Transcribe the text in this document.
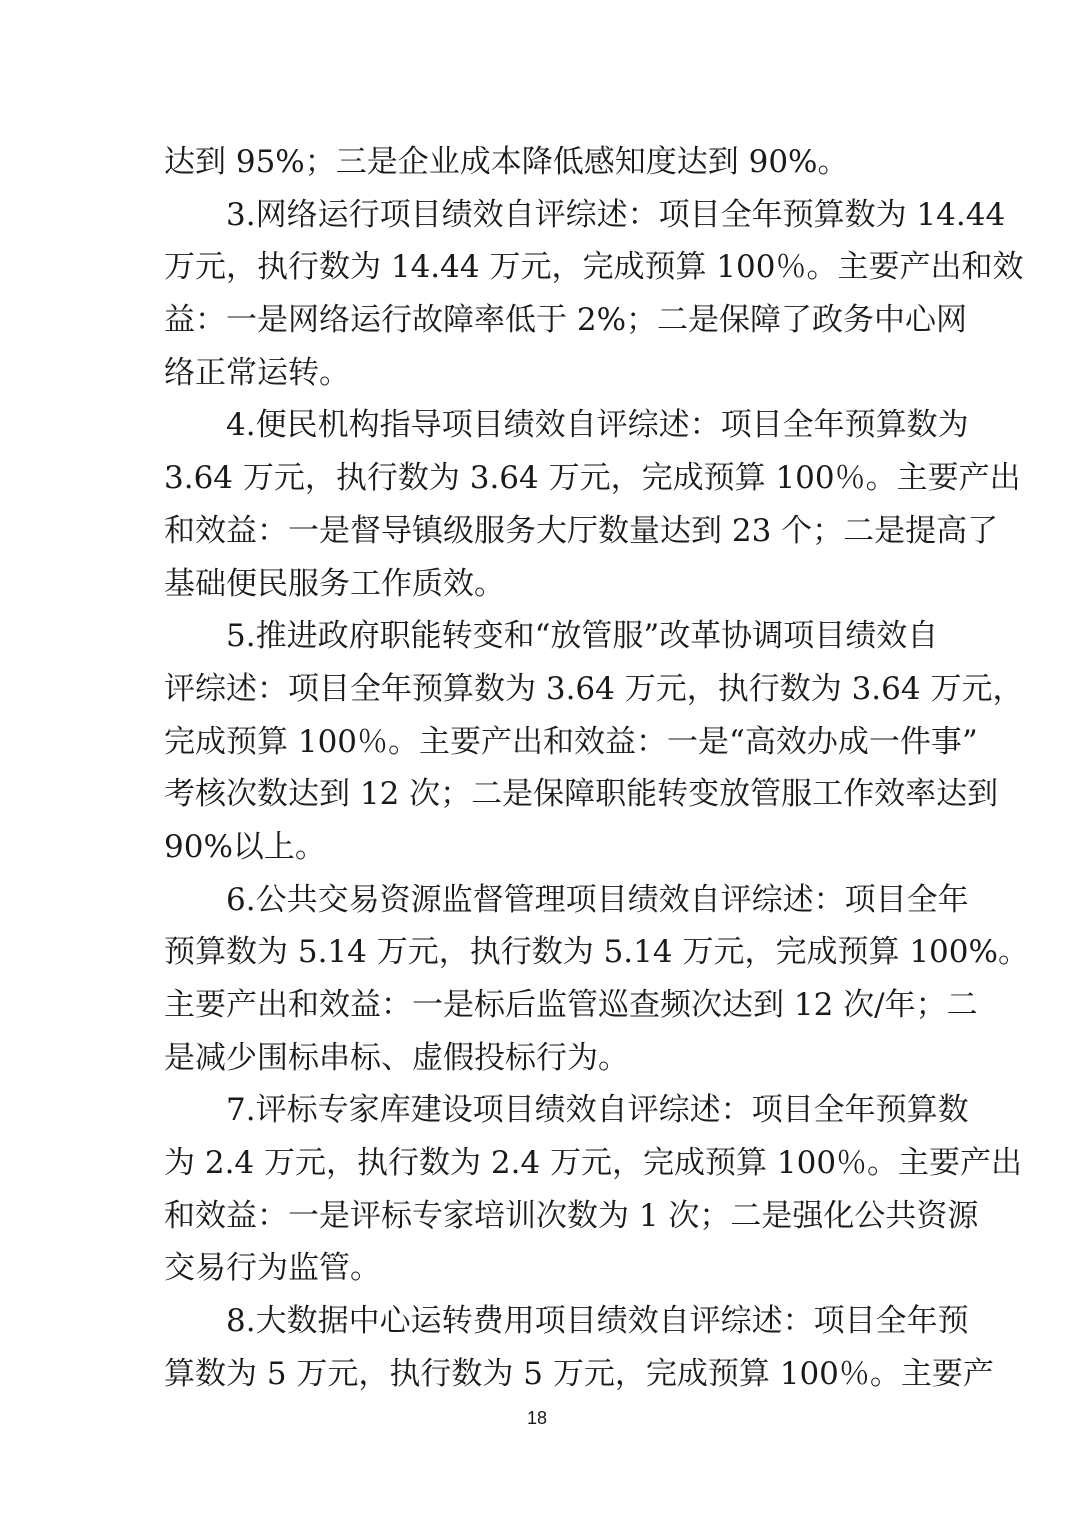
达到 95%；三是企业成本降低感知度达到 90%。
3.网络运行项目绩效自评综述：项目全年预算数为 14.44
万元，执行数为 14.44 万元，完成预算 100％。主要产出和效
益：一是网络运行故障率低于 2%；二是保障了政务中心网
络正常运转。
4.便民机构指导项目绩效自评综述：项目全年预算数为
3.64 万元，执行数为 3.64 万元，完成预算 100％。主要产出
和效益：一是督导镇级服务大厅数量达到 23 个；二是提高了
基础便民服务工作质效。
5.推进政府职能转变和“放管服”改革协调项目绩效自
评综述：项目全年预算数为 3.64 万元，执行数为 3.64 万元，
完成预算 100％。主要产出和效益：一是“高效办成一件事”
考核次数达到 12 次；二是保障职能转变放管服工作效率达到
90%以上。
6.公共交易资源监督管理项目绩效自评综述：项目全年
预算数为 5.14 万元，执行数为 5.14 万元，完成预算 100%。
主要产出和效益：一是标后监管巡查频次达到 12 次/年；二
是减少围标串标、虚假投标行为。
7.评标专家库建设项目绩效自评综述：项目全年预算数
为 2.4 万元，执行数为 2.4 万元，完成预算 100％。主要产出
和效益：一是评标专家培训次数为 1 次；二是强化公共资源
交易行为监管。
8.大数据中心运转费用项目绩效自评综述：项目全年预
算数为 5 万元，执行数为 5 万元，完成预算 100％。主要产
18
